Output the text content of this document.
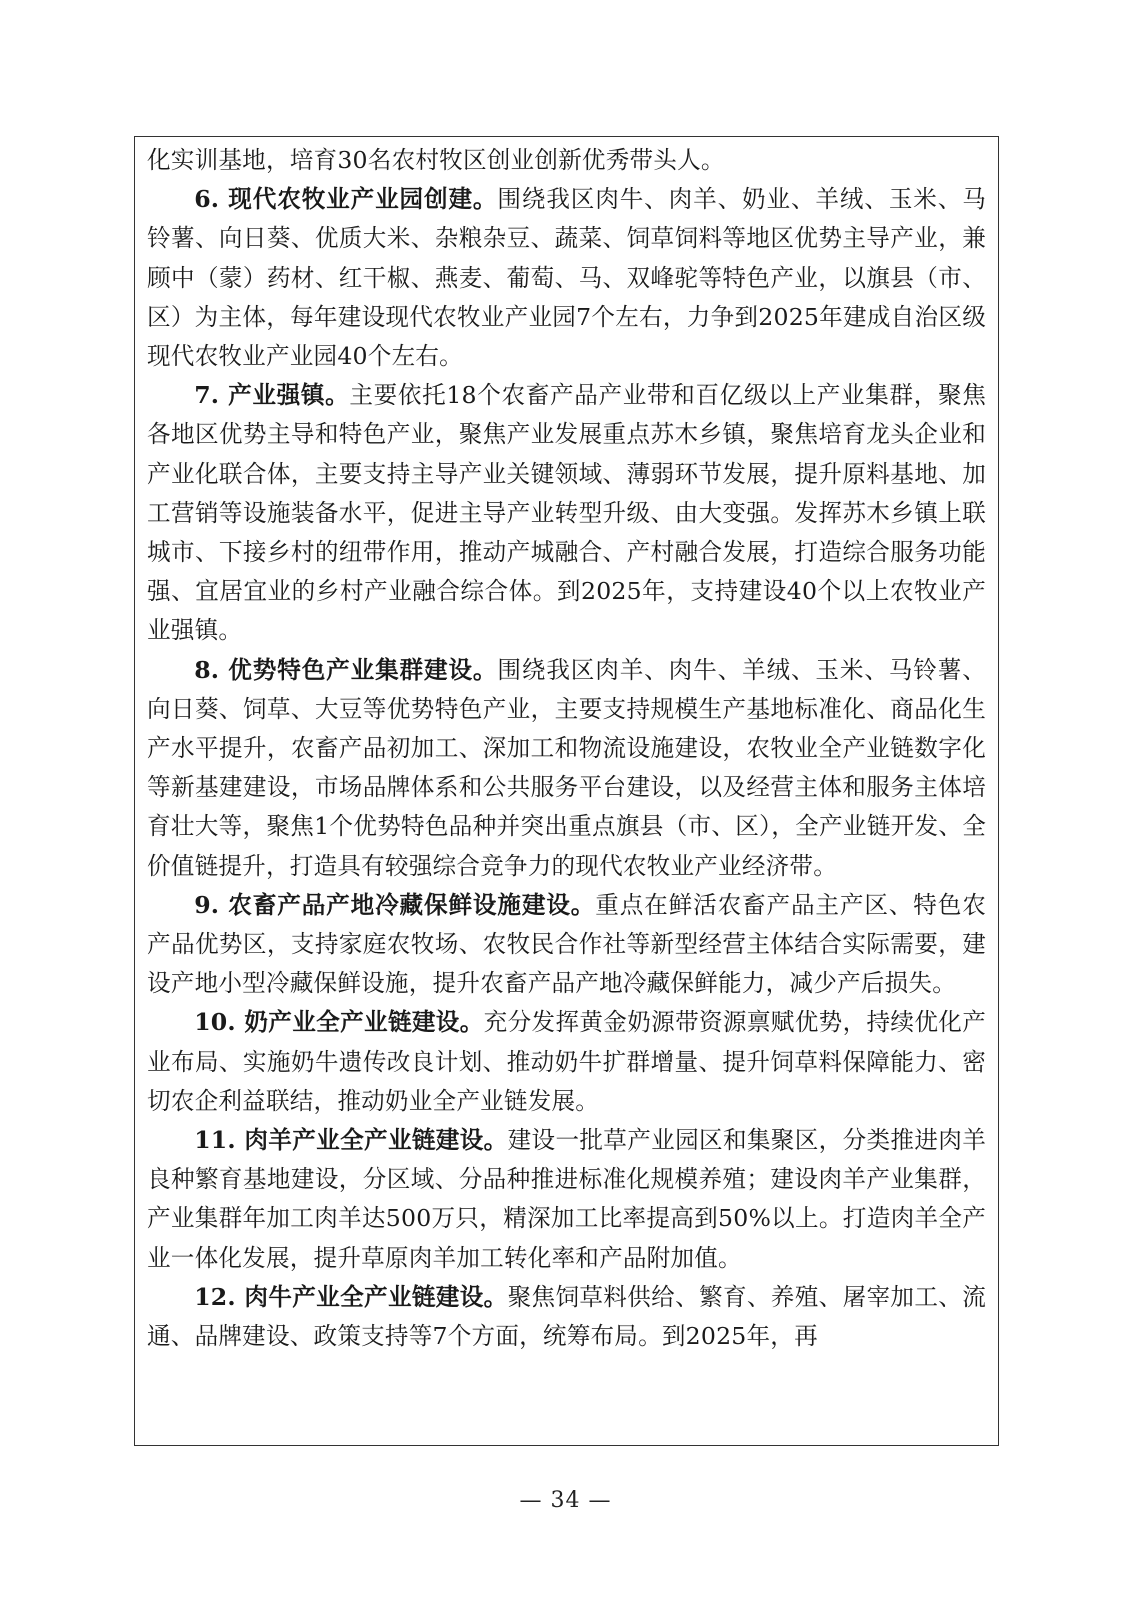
化实训基地，培育30名农村牧区创业创新优秀带头人。

6. 现代农牧业产业园创建。围绕我区肉牛、肉羊、奶业、羊绒、玉米、马铃薯、向日葵、优质大米、杂粮杂豆、蔬菜、饲草饲料等地区优势主导产业，兼顾中（蒙）药材、红干椒、燕麦、葡萄、马、双峰驼等特色产业，以旗县（市、区）为主体，每年建设现代农牧业产业园7个左右，力争到2025年建成自治区级现代农牧业产业园40个左右。

7. 产业强镇。主要依托18个农畜产品产业带和百亿级以上产业集群，聚焦各地区优势主导和特色产业，聚焦产业发展重点苏木乡镇，聚焦培育龙头企业和产业化联合体，主要支持主导产业关键领域、薄弱环节发展，提升原料基地、加工营销等设施装备水平，促进主导产业转型升级、由大变强。发挥苏木乡镇上联城市、下接乡村的纽带作用，推动产城融合、产村融合发展，打造综合服务功能强、宜居宜业的乡村产业融合综合体。到2025年，支持建设40个以上农牧业产业强镇。

8. 优势特色产业集群建设。围绕我区肉羊、肉牛、羊绒、玉米、马铃薯、向日葵、饲草、大豆等优势特色产业，主要支持规模生产基地标准化、商品化生产水平提升，农畜产品初加工、深加工和物流设施建设，农牧业全产业链数字化等新基建建设，市场品牌体系和公共服务平台建设，以及经营主体和服务主体培育壮大等，聚焦1个优势特色品种并突出重点旗县（市、区），全产业链开发、全价值链提升，打造具有较强综合竞争力的现代农牧业产业经济带。

9. 农畜产品产地冷藏保鲜设施建设。重点在鲜活农畜产品主产区、特色农产品优势区，支持家庭农牧场、农牧民合作社等新型经营主体结合实际需要，建设产地小型冷藏保鲜设施，提升农畜产品产地冷藏保鲜能力，减少产后损失。

10. 奶产业全产业链建设。充分发挥黄金奶源带资源禀赋优势，持续优化产业布局、实施奶牛遗传改良计划、推动奶牛扩群增量、提升饲草料保障能力、密切农企利益联结，推动奶业全产业链发展。

11. 肉羊产业全产业链建设。建设一批草产业园区和集聚区，分类推进肉羊良种繁育基地建设，分区域、分品种推进标准化规模养殖；建设肉羊产业集群，产业集群年加工肉羊达500万只，精深加工比率提高到50%以上。打造肉羊全产业一体化发展，提升草原肉羊加工转化率和产品附加值。

12. 肉牛产业全产业链建设。聚焦饲草料供给、繁育、养殖、屠宰加工、流通、品牌建设、政策支持等7个方面，统筹布局。到2025年，再

— 34 —
